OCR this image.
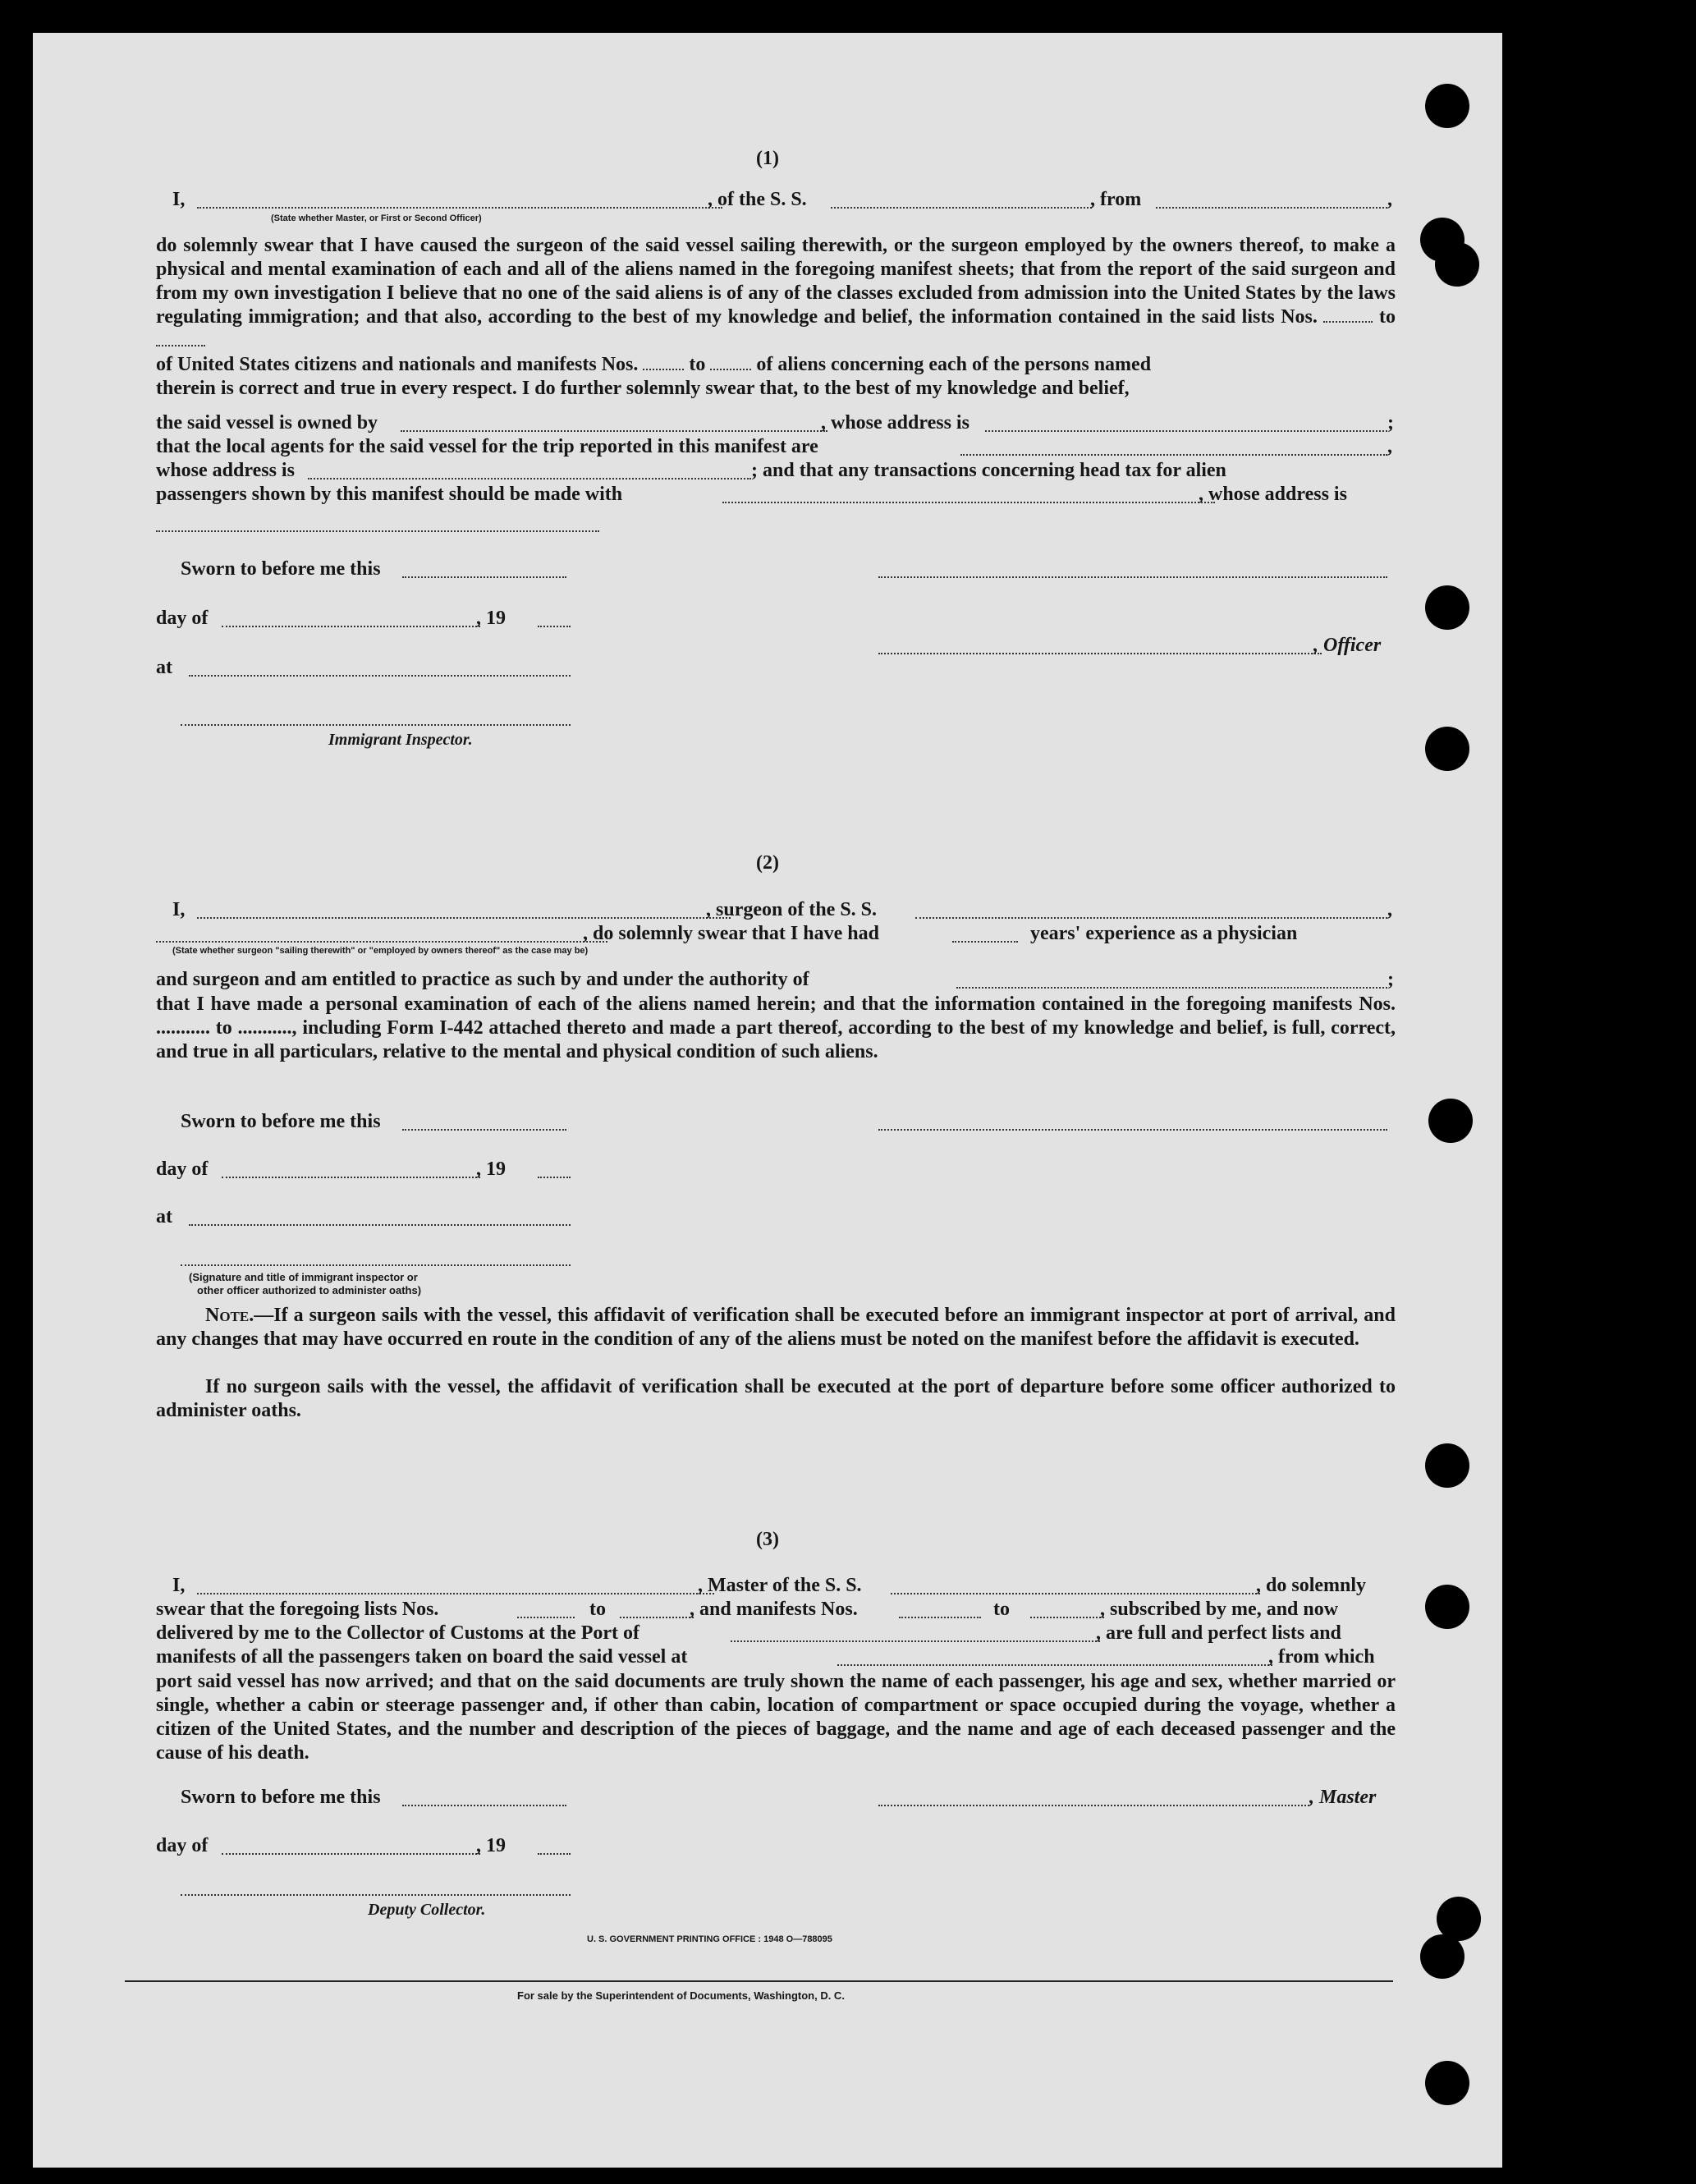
(1)
I,	, of the S. S.	, from	,
(State whether Master, or First or Second Officer)
do solemnly swear that I have caused the surgeon of the said vessel sailing therewith, or the surgeon employed by the owners thereof, to make a physical and mental examination of each and all of the aliens named in the foregoing manifest sheets; that from the report of the said surgeon and from my own investigation I believe that no one of the said aliens is of any of the classes excluded from admission into the United States by the laws regulating immigration; and that also, according to the best of my knowledge and belief, the information contained in the said lists Nos.	to
of United States citizens and nationals and manifests Nos.	to	of aliens concerning each of the persons named
therein is correct and true in every respect. I do further solemnly swear that, to the best of my knowledge and belief,
the said vessel is owned by	, whose address is	;
that the local agents for the said vessel for the trip reported in this manifest are	,
whose address is	; and that any transactions concerning head tax for alien
passengers shown by this manifest should be made with	, whose address is
Sworn to before me this
day of	, 19
, Officer
at
Immigrant Inspector.
(2)
I,	, surgeon of the S. S.	,
, do solemnly swear that I have had	years' experience as a physician
(State whether surgeon "sailing therewith" or "employed by owners thereof" as the case may be)
and surgeon and am entitled to practice as such by and under the authority of	;
that I have made a personal examination of each of the aliens named herein; and that the information contained in the foregoing manifests Nos. ........... to ..........., including Form I-442 attached thereto and made a part thereof, according to the best of my knowledge and belief, is full, correct, and true in all particulars, relative to the mental and physical condition of such aliens.
Sworn to before me this
day of	, 19
at
(Signature and title of immigrant inspector or
other officer authorized to administer oaths)
Note.—If a surgeon sails with the vessel, this affidavit of verification shall be executed before an immigrant inspector at port of arrival, and any changes that may have occurred en route in the condition of any of the aliens must be noted on the manifest before the affidavit is executed.
If no surgeon sails with the vessel, the affidavit of verification shall be executed at the port of departure before some officer authorized to administer oaths.
(3)
I,	, Master of the S. S.	, do solemnly
swear that the foregoing lists Nos.	to	, and manifests Nos.	to	, subscribed by me, and now
delivered by me to the Collector of Customs at the Port of	, are full and perfect lists and
manifests of all the passengers taken on board the said vessel at	, from which
port said vessel has now arrived; and that on the said documents are truly shown the name of each passenger, his age and sex, whether married or single, whether a cabin or steerage passenger and, if other than cabin, location of compartment or space occupied during the voyage, whether a citizen of the United States, and the number and description of the pieces of baggage, and the name and age of each deceased passenger and the cause of his death.
Sworn to before me this	, Master
day of	, 19
Deputy Collector.
U. S. GOVERNMENT PRINTING OFFICE : 1948 O—788095
For sale by the Superintendent of Documents, Washington, D. C.
